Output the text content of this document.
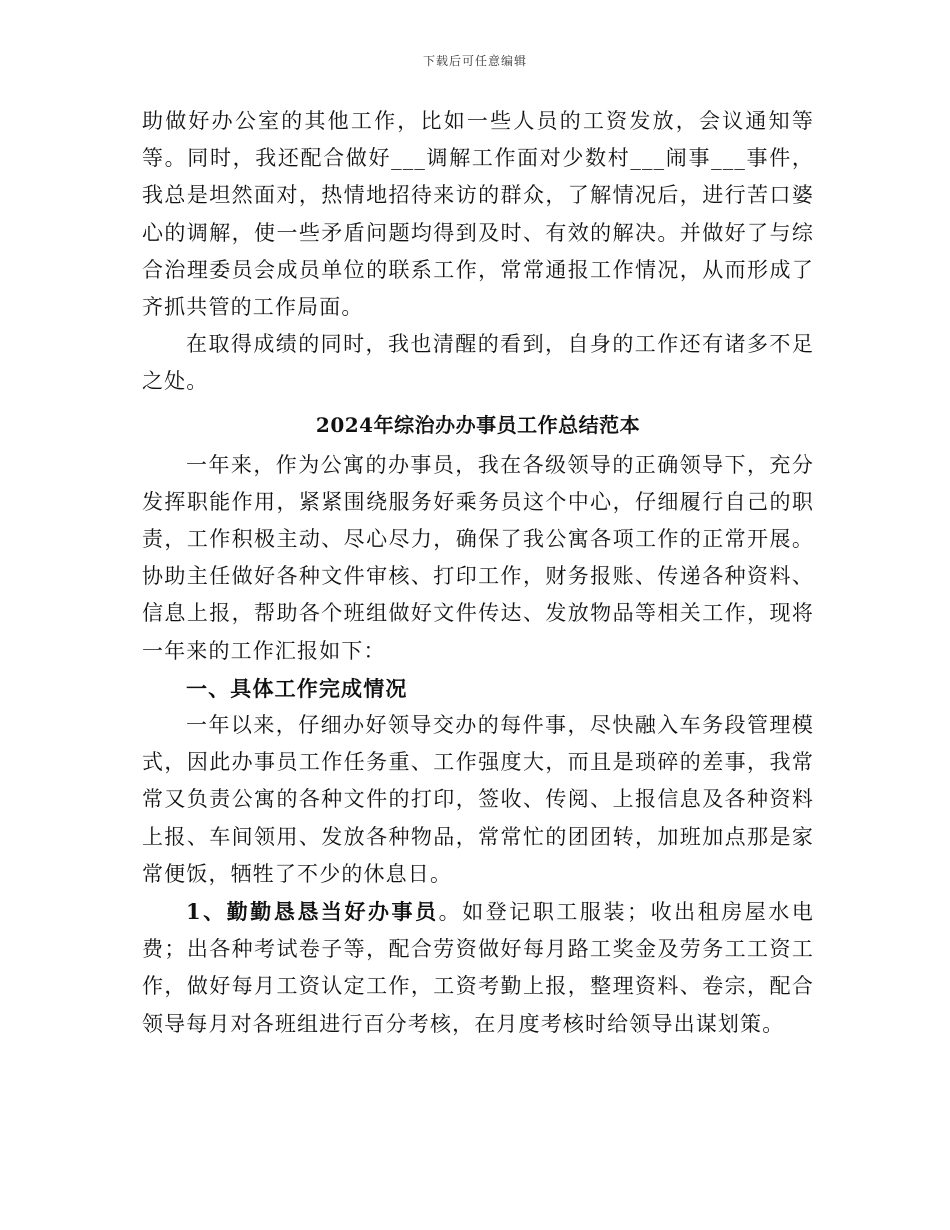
下载后可任意编辑

助做好办公室的其他工作，比如一些人员的工资发放，会议通知等等。同时，我还配合做好___调解工作面对少数村___闹事___事件，我总是坦然面对，热情地招待来访的群众，了解情况后，进行苦口婆心的调解，使一些矛盾问题均得到及时、有效的解决。并做好了与综合治理委员会成员单位的联系工作，常常通报工作情况，从而形成了齐抓共管的工作局面。

在取得成绩的同时，我也清醒的看到，自身的工作还有诸多不足之处。

2024年综治办办事员工作总结范本

一年来，作为公寓的办事员，我在各级领导的正确领导下，充分发挥职能作用，紧紧围绕服务好乘务员这个中心，仔细履行自己的职责，工作积极主动、尽心尽力，确保了我公寓各项工作的正常开展。协助主任做好各种文件审核、打印工作，财务报账、传递各种资料、信息上报，帮助各个班组做好文件传达、发放物品等相关工作，现将一年来的工作汇报如下：

一、具体工作完成情况

一年以来，仔细办好领导交办的每件事，尽快融入车务段管理模式，因此办事员工作任务重、工作强度大，而且是琐碎的差事，我常常又负责公寓的各种文件的打印，签收、传阅、上报信息及各种资料上报、车间领用、发放各种物品，常常忙的团团转，加班加点那是家常便饭，牺牲了不少的休息日。

1、勤勤恳恳当好办事员。如登记职工服装；收出租房屋水电费；出各种考试卷子等，配合劳资做好每月路工奖金及劳务工工资工作，做好每月工资认定工作，工资考勤上报，整理资料、卷宗，配合领导每月对各班组进行百分考核，在月度考核时给领导出谋划策。
